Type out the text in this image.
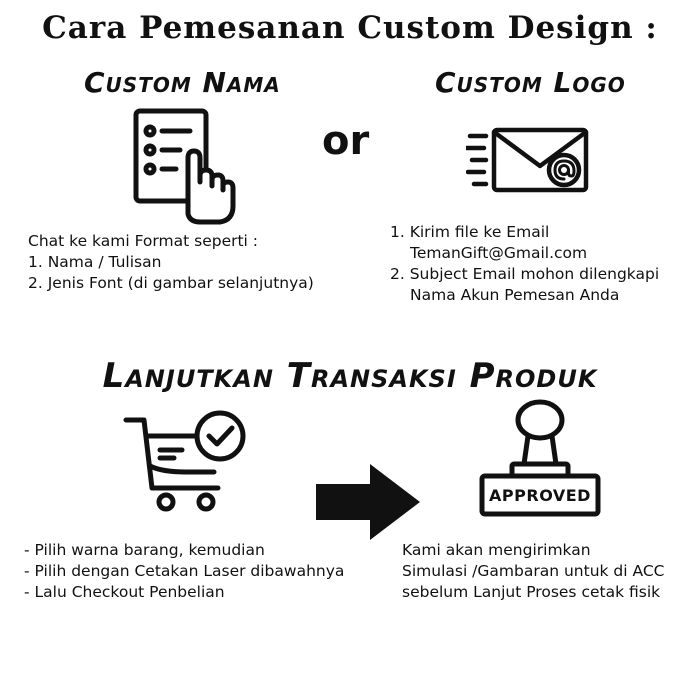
Cara Pemesanan Custom Design :
Custom Nama
Chat ke kami Format seperti :
1. Nama / Tulisan
2. Jenis Font (di gambar selanjutnya)
or
Custom Logo
1. Kirim file ke Email
TemanGift@Gmail.com
2. Subject Email mohon dilengkapi
Nama Akun Pemesan Anda
Lanjutkan Transaksi Produk
- Pilih warna barang, kemudian
- Pilih dengan Cetakan Laser dibawahnya
- Lalu Checkout Penbelian
APPROVED
Kami akan mengirimkan
Simulasi /Gambaran untuk di ACC
sebelum Lanjut Proses cetak fisik
